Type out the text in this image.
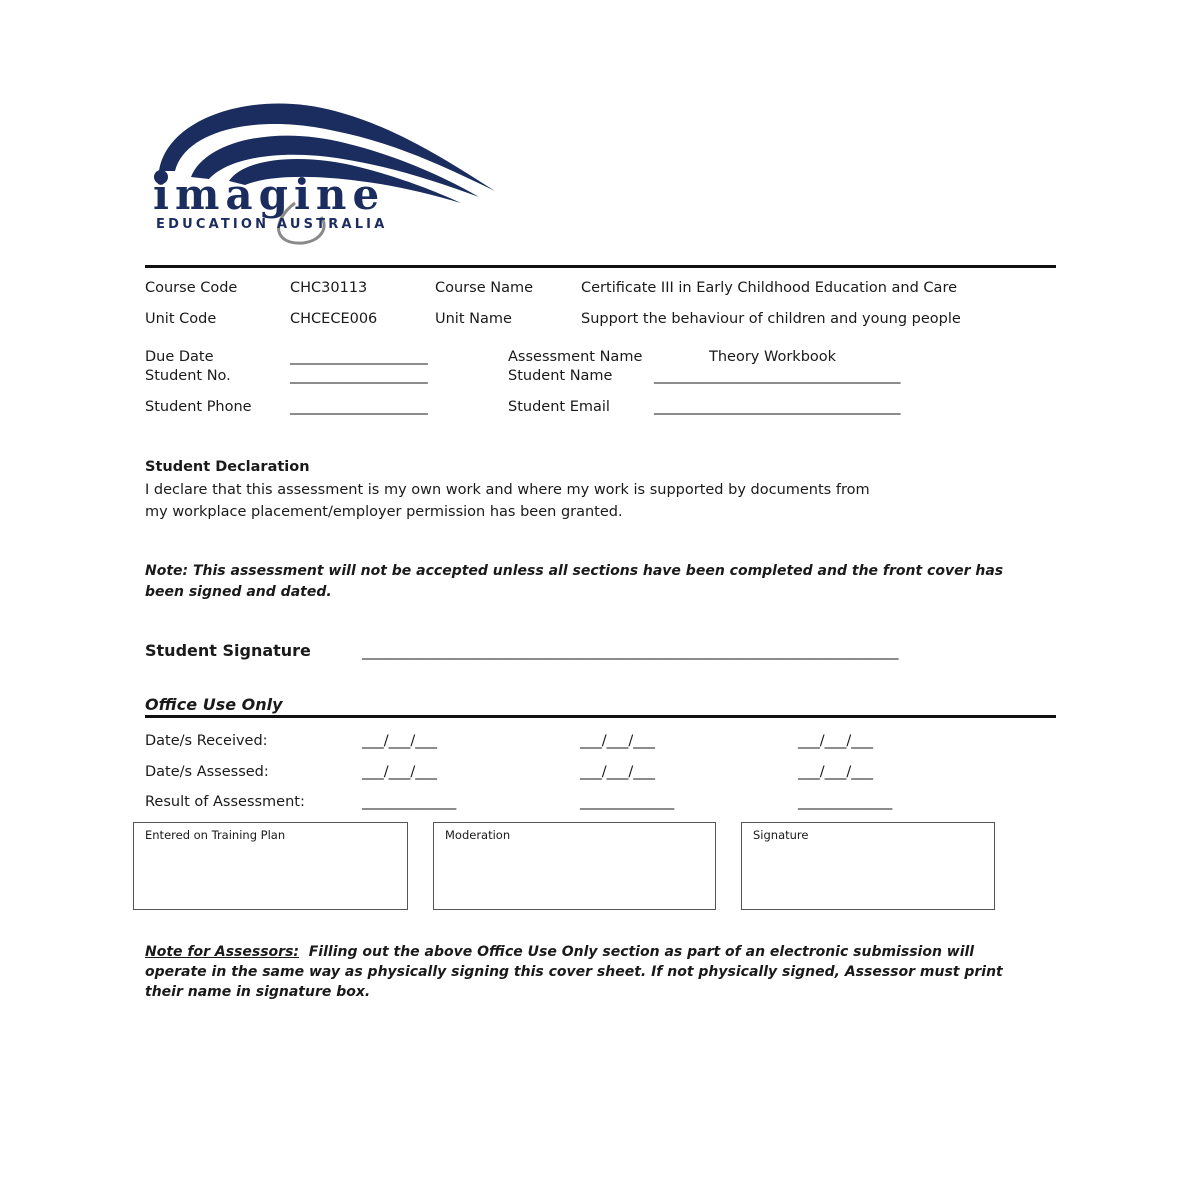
imagine
EDUCATION AUSTRALIA
Course Code	CHC30113	Course Name	Certificate III in Early Childhood Education and Care
Unit Code	CHCECE006	Unit Name	Support the behaviour of children and young people
Due Date	___________________	Assessment Name	Theory Workbook
Student No.	___________________	Student Name	__________________________________
Student Phone	___________________	Student Email	__________________________________
Student Declaration
I declare that this assessment is my own work and where my work is supported by documents from
my workplace placement/employer permission has been granted.
Note: This assessment will not be accepted unless all sections have been completed and the front cover has
been signed and dated.
Student Signature	__________________________________________________________________________
Office Use Only
Date/s Received:	___/___/___	___/___/___	___/___/___
Date/s Assessed:	___/___/___	___/___/___	___/___/___
Result of Assessment:	_____________	_____________	_____________
Entered on Training Plan	Moderation	Signature
Note for Assessors:  Filling out the above Office Use Only section as part of an electronic submission will
operate in the same way as physically signing this cover sheet. If not physically signed, Assessor must print
their name in signature box.
